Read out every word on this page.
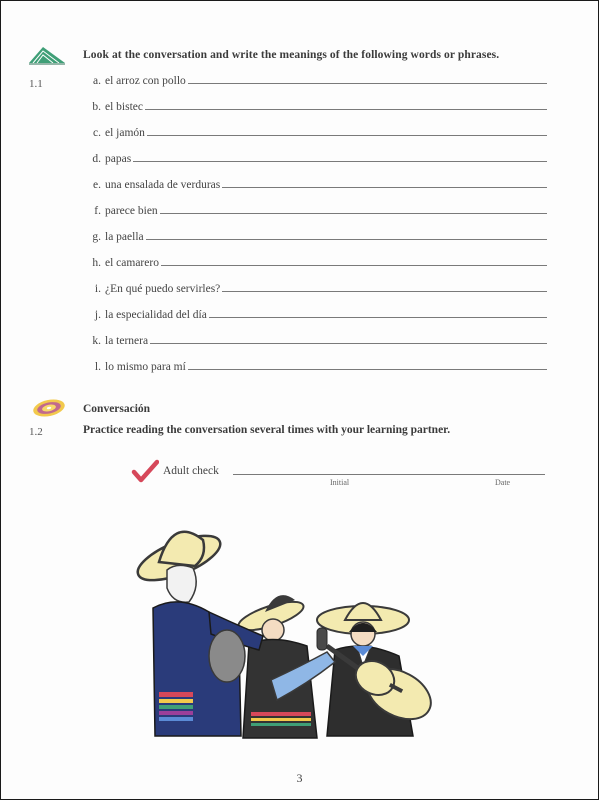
Look at the conversation and write the meanings of the following words or phrases.
1.1	a. el arroz con pollo
b. el bistec
c. el jamón
d. papas
e. una ensalada de verduras
f. parece bien
g. la paella
h. el camarero
i. ¿En qué puedo servirles?
j. la especialidad del día
k. la ternera
l. lo mismo para mí
Conversación
1.2	Practice reading the conversation several times with your learning partner.
Adult check
Initial	Date
3
